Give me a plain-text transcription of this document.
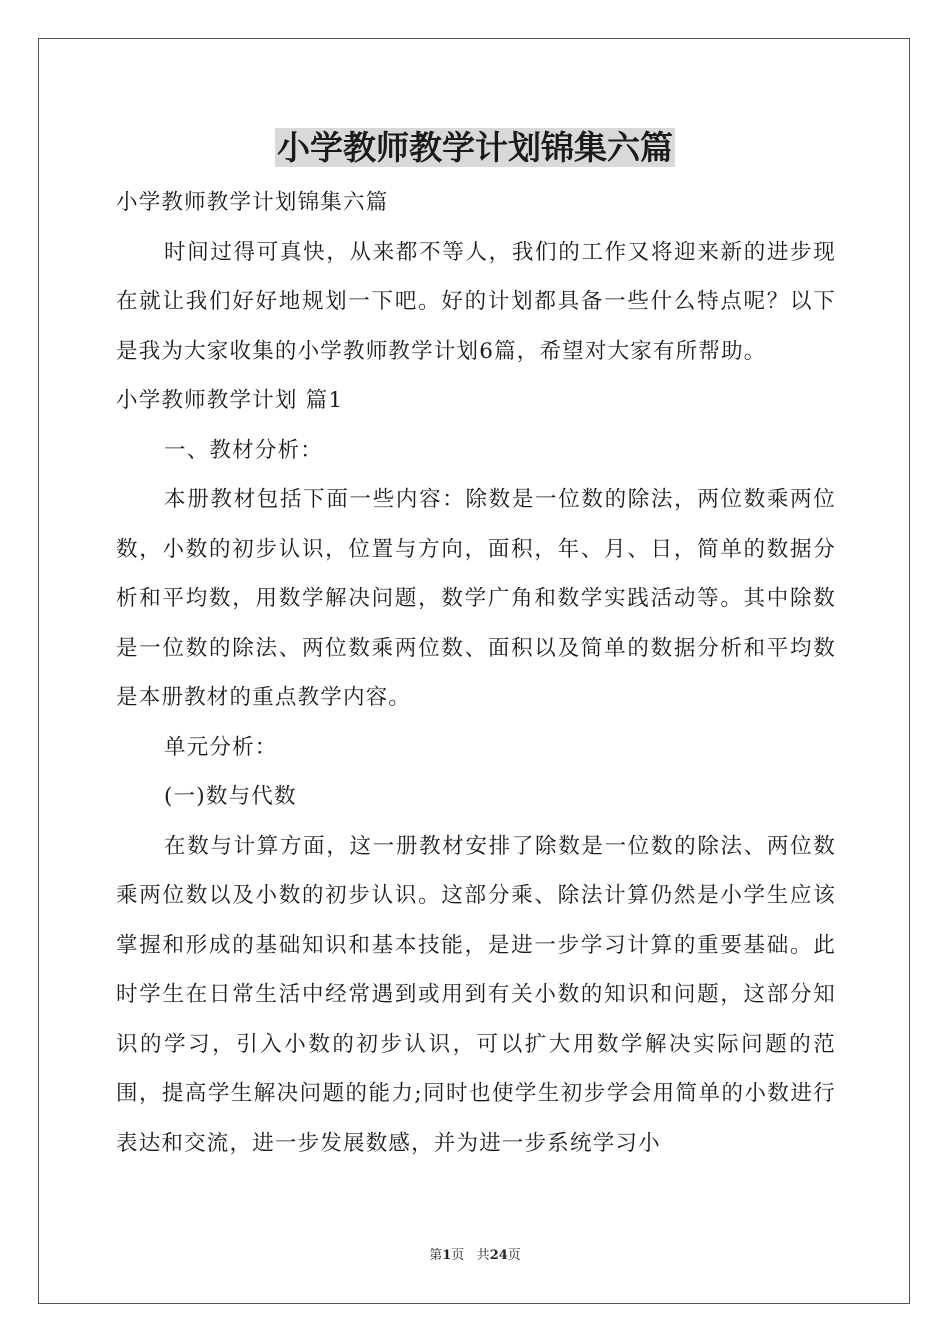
小学教师教学计划锦集六篇

小学教师教学计划锦集六篇

时间过得可真快，从来都不等人，我们的工作又将迎来新的进步现在就让我们好好地规划一下吧。好的计划都具备一些什么特点呢？以下是我为大家收集的小学教师教学计划6篇，希望对大家有所帮助。

小学教师教学计划 篇1

一、教材分析：

本册教材包括下面一些内容：除数是一位数的除法，两位数乘两位数，小数的初步认识，位置与方向，面积，年、月、日，简单的数据分析和平均数，用数学解决问题，数学广角和数学实践活动等。其中除数是一位数的除法、两位数乘两位数、面积以及简单的数据分析和平均数是本册教材的重点教学内容。

单元分析：

(一)数与代数

在数与计算方面，这一册教材安排了除数是一位数的除法、两位数乘两位数以及小数的初步认识。这部分乘、除法计算仍然是小学生应该掌握和形成的基础知识和基本技能，是进一步学习计算的重要基础。此时学生在日常生活中经常遇到或用到有关小数的知识和问题，这部分知识的学习，引入小数的初步认识，可以扩大用数学解决实际问题的范围，提高学生解决问题的能力;同时也使学生初步学会用简单的小数进行表达和交流，进一步发展数感，并为进一步系统学习小

第1页 共24页
